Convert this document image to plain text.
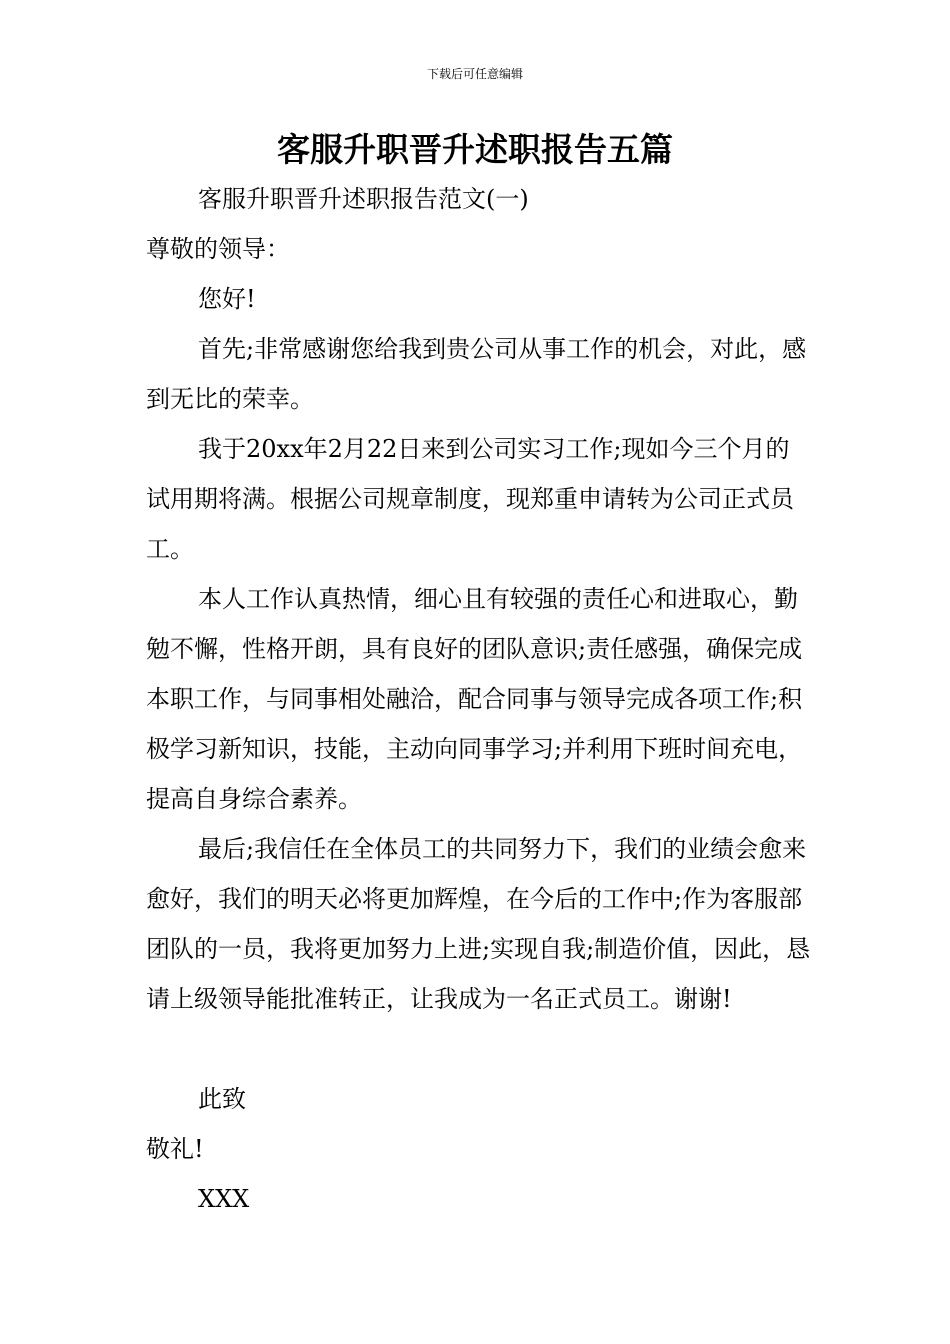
下载后可任意编辑
客服升职晋升述职报告五篇

客服升职晋升述职报告范文(一)

尊敬的领导：

您好!

首先;非常感谢您给我到贵公司从事工作的机会，对此，感到无比的荣幸。

我于20xx年2月22日来到公司实习工作;现如今三个月的试用期将满。根据公司规章制度，现郑重申请转为公司正式员工。

本人工作认真热情，细心且有较强的责任心和进取心，勤勉不懈，性格开朗，具有良好的团队意识;责任感强，确保完成本职工作，与同事相处融洽，配合同事与领导完成各项工作;积极学习新知识，技能，主动向同事学习;并利用下班时间充电，提高自身综合素养。

最后;我信任在全体员工的共同努力下，我们的业绩会愈来愈好，我们的明天必将更加辉煌，在今后的工作中;作为客服部团队的一员，我将更加努力上进;实现自我;制造价值，因此，恳请上级领导能批准转正，让我成为一名正式员工。谢谢!

此致

敬礼!

XXX
